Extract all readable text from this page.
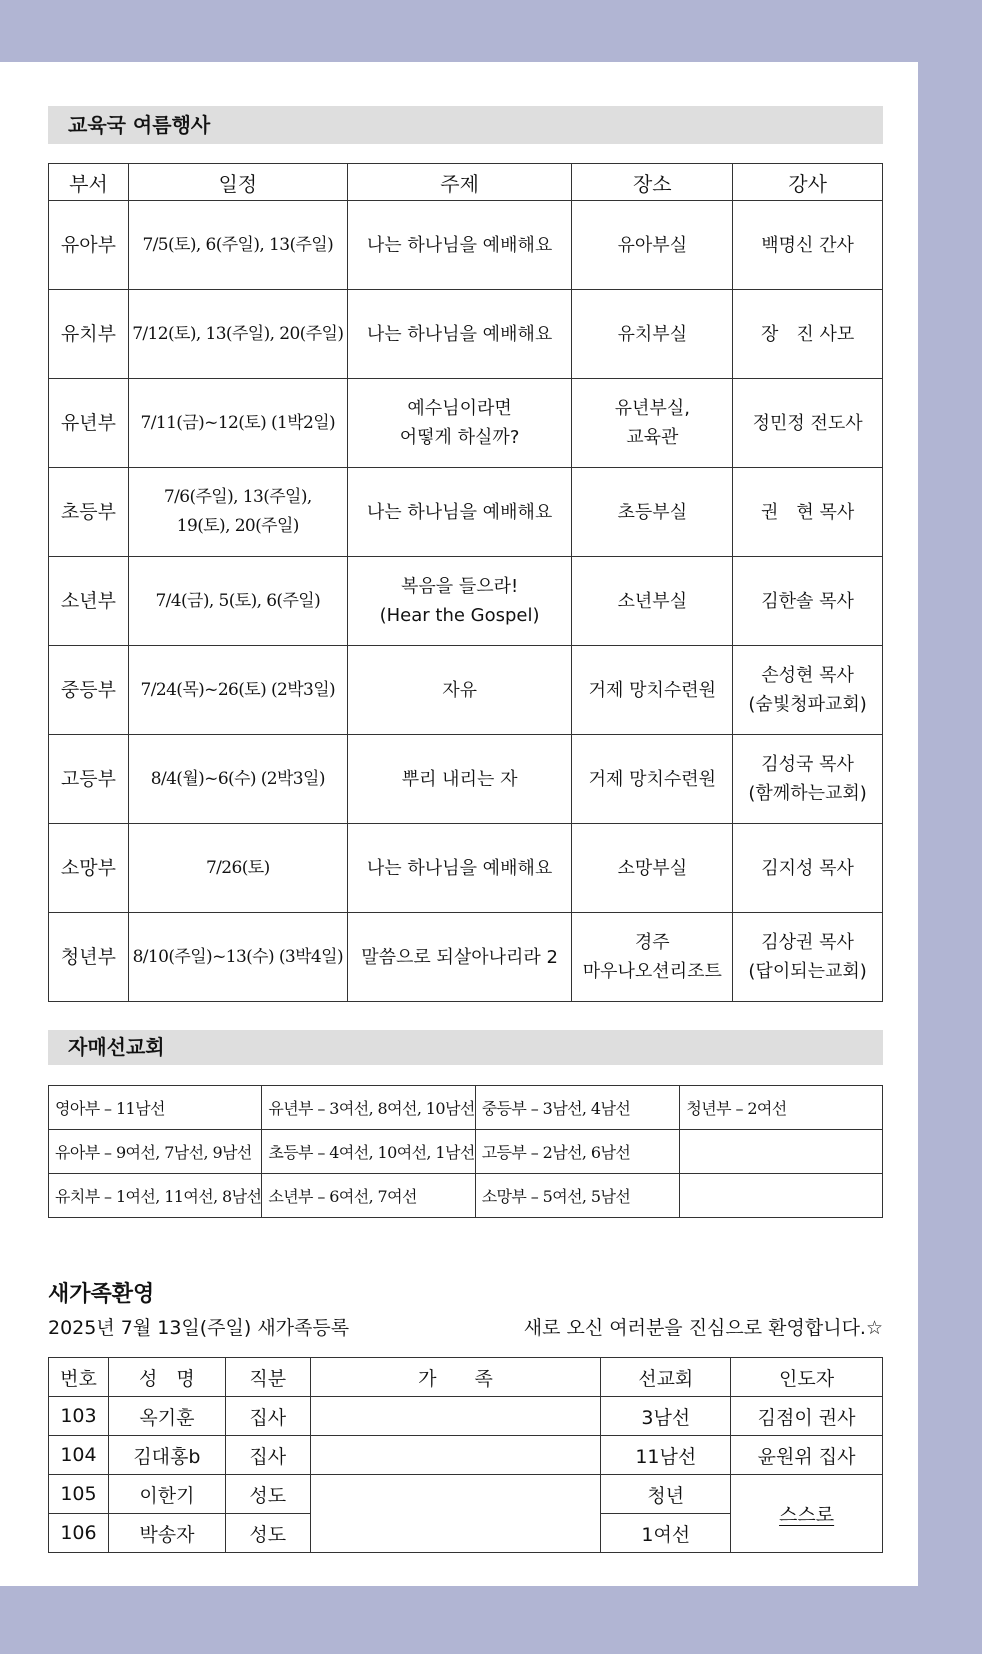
교육국 여름행사
부서	일정	주제	장소	강사
유아부	7/5(토), 6(주일), 13(주일)	나는 하나님을 예배해요	유아부실	백명신 간사

유치부	7/12(토), 13(주일), 20(주일)	나는 하나님을 예배해요	유치부실	장　진 사모

유년부	7/11(금)~12(토) (1박2일)	예수님이라면
어떻게 하실까?	유년부실,
교육관	정민정 전도사

초등부	7/6(주일), 13(주일),
19(토), 20(주일)	나는 하나님을 예배해요	초등부실	권　현 목사

소년부	7/4(금), 5(토), 6(주일)	복음을 들으라!
(Hear the Gospel)	소년부실	김한솔 목사

중등부	7/24(목)~26(토) (2박3일)	자유	거제 망치수련원	손성현 목사
(숨빛청파교회)

고등부	8/4(월)~6(수) (2박3일)	뿌리 내리는 자	거제 망치수련원	김성국 목사
(함께하는교회)

소망부	7/26(토)	나는 하나님을 예배해요	소망부실	김지성 목사

청년부	8/10(주일)~13(수) (3박4일)	말씀으로 되살아나리라 2	경주
마우나오션리조트	김상권 목사
(답이되는교회)
자매선교회
영아부 – 11남선	유년부 – 3여선, 8여선, 10남선	중등부 – 3남선, 4남선	청년부 – 2여선
유아부 – 9여선, 7남선, 9남선	초등부 – 4여선, 10여선, 1남선	고등부 – 2남선, 6남선	
유치부 – 1여선, 11여선, 8남선	소년부 – 6여선, 7여선	소망부 – 5여선, 5남선	
새가족환영
2025년 7월 13일(주일) 새가족등록	새로 오신 여러분을 진심으로 환영합니다.☆
번호	성　명	직분	가　　족	선교회	인도자
103	옥기훈	집사		3남선	김점이 권사
104	김대홍b	집사		11남선	윤원위 집사
105	이한기	성도		청년	스스로
106	박송자	성도		1여선	
